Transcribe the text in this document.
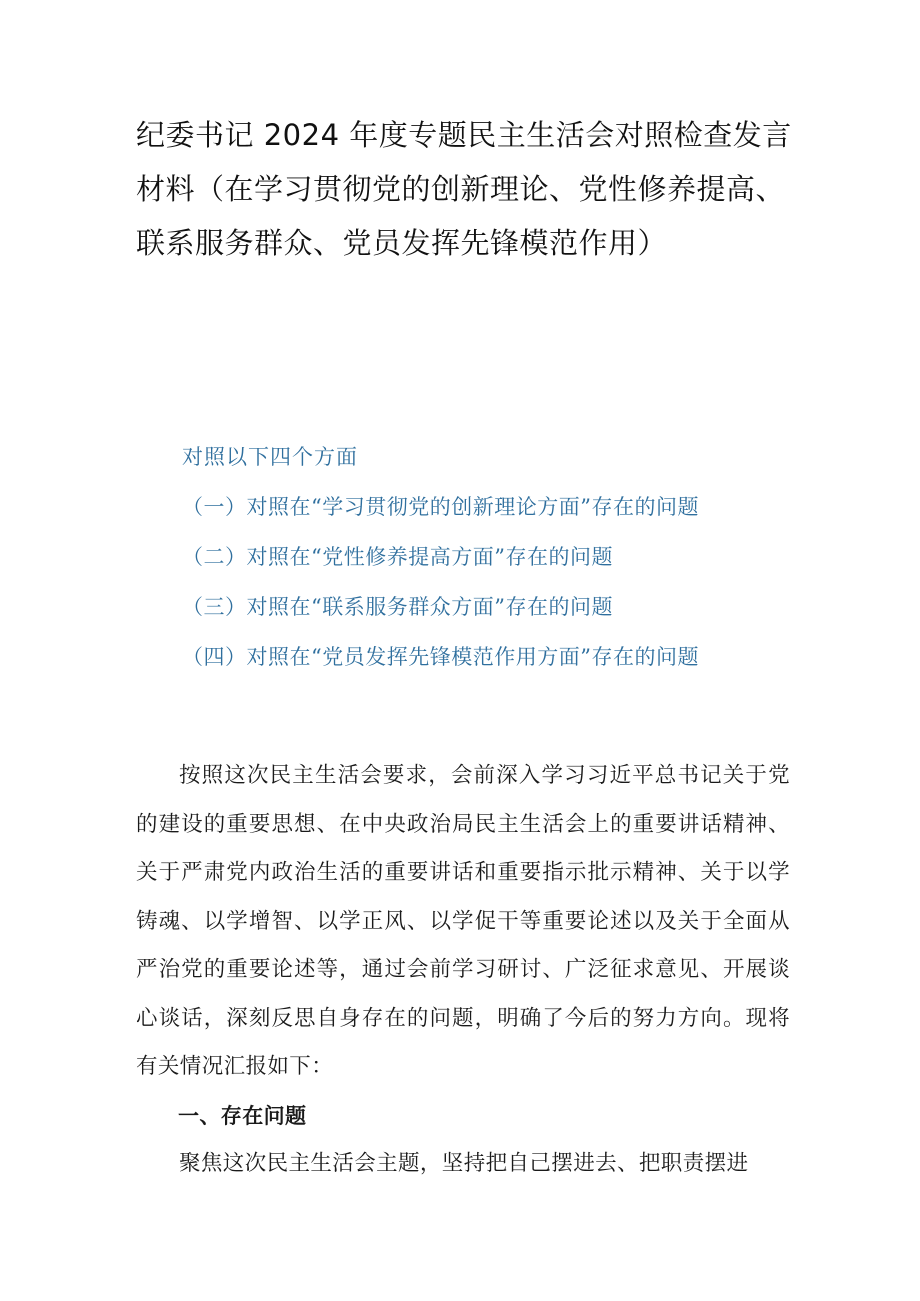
纪委书记 2024 年度专题民主生活会对照检查发言材料（在学习贯彻党的创新理论、党性修养提高、联系服务群众、党员发挥先锋模范作用）
对照以下四个方面
（一）对照在“学习贯彻党的创新理论方面”存在的问题
（二）对照在“党性修养提高方面”存在的问题
（三）对照在“联系服务群众方面”存在的问题
（四）对照在“党员发挥先锋模范作用方面”存在的问题

按照这次民主生活会要求，会前深入学习习近平总书记关于党的建设的重要思想、在中央政治局民主生活会上的重要讲话精神、关于严肃党内政治生活的重要讲话和重要指示批示精神、关于以学铸魂、以学增智、以学正风、以学促干等重要论述以及关于全面从严治党的重要论述等，通过会前学习研讨、广泛征求意见、开展谈心谈话，深刻反思自身存在的问题，明确了今后的努力方向。现将有关情况汇报如下：

一、存在问题

聚焦这次民主生活会主题，坚持把自己摆进去、把职责摆进
